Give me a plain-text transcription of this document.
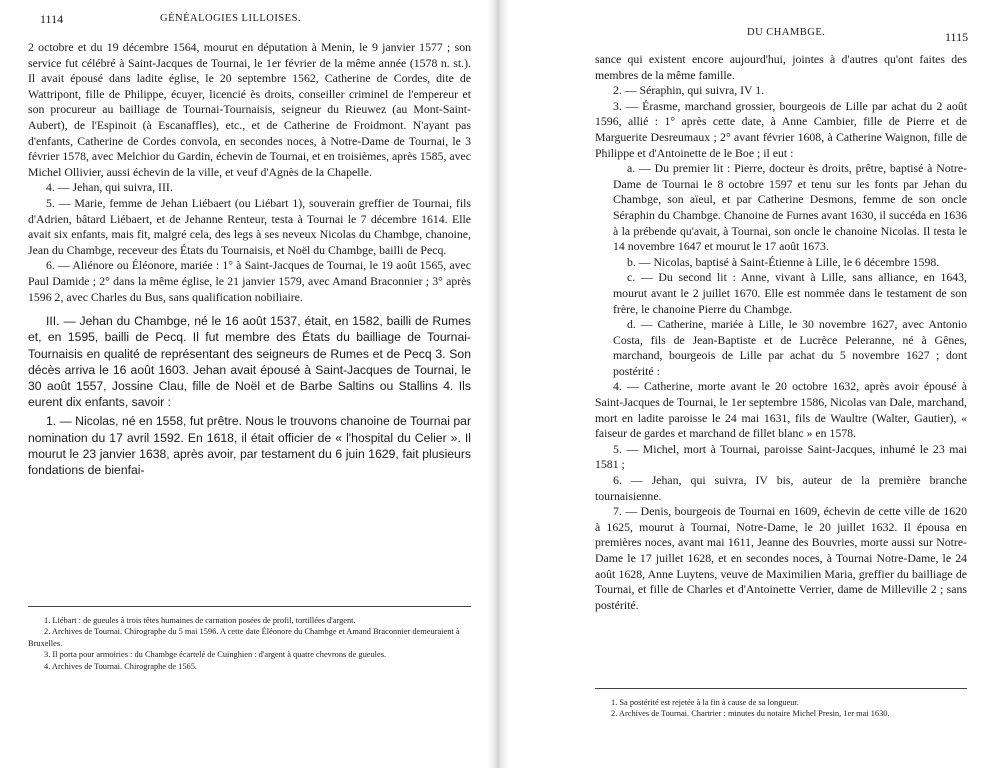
1114	GÉNÉALOGIES LILLOISES.

2 octobre et du 19 décembre 1564, mourut en députation à Menin, le 9 janvier 1577 ; son service fut célébré à Saint-Jacques de Tournai, le 1er février de la même année (1578 n. st.). Il avait épousé dans ladite église, le 20 septembre 1562, Catherine de Cordes, dite de Wattripont, fille de Philippe, écuyer, licencié ès droits, conseiller criminel de l'empereur et son procureur au bailliage de Tournai-Tournaisis, seigneur du Rieuwez (au Mont-Saint-Aubert), de l'Espinoit (à Escanaffles), etc., et de Catherine de Froidmont. N'ayant pas d'enfants, Catherine de Cordes convola, en secondes noces, à Notre-Dame de Tournai, le 3 février 1578, avec Melchior du Gardin, échevin de Tournai, et en troisièmes, après 1585, avec Michel Ollivier, aussi échevin de la ville, et veuf d'Agnès de la Chapelle.

4. — Jehan, qui suivra, III.

5. — Marie, femme de Jehan Liébaert (ou Liébart 1), souverain greffier de Tournai, fils d'Adrien, bâtard Liébaert, et de Jehanne Renteur, testa à Tournai le 7 décembre 1614. Elle avait six enfants, mais fit, malgré cela, des legs à ses neveux Nicolas du Chambge, chanoine, Jean du Chambge, receveur des États du Tournaisis, et Noël du Chambge, bailli de Pecq.

6. — Aliénore ou Éléonore, mariée : 1° à Saint-Jacques de Tournai, le 19 août 1565, avec Paul Damide ; 2° dans la même église, le 21 janvier 1579, avec Amand Braconnier ; 3° après 1596 2, avec Charles du Bus, sans qualification nobiliaire.

III. — Jehan du Chambge, né le 16 août 1537, était, en 1582, bailli de Rumes et, en 1595, bailli de Pecq. Il fut membre des États du bailliage de Tournai-Tournaisis en qualité de représentant des seigneurs de Rumes et de Pecq 3. Son décès arriva le 16 août 1603. Jehan avait épousé à Saint-Jacques de Tournai, le 30 août 1557, Jossine Clau, fille de Noël et de Barbe Saltins ou Stallins 4. Ils eurent dix enfants, savoir :

1. — Nicolas, né en 1558, fut prêtre. Nous le trouvons chanoine de Tournai par nomination du 17 avril 1592. En 1618, il était officier de « l'hospital du Celier ». Il mourut le 23 janvier 1638, après avoir, par testament du 6 juin 1629, fait plusieurs fondations de bienfai-

1. Liébart : de gueules à trois têtes humaines de carnation posées de profil, tortillées d'argent.

2. Archives de Tournai. Chirographe du 5 mai 1596. A cette date Éléonore du Chambge et Amand Braconnier demeuraient à Bruxelles.

3. Il porta pour armoiries : du Chambge écartelé de Cuinghien : d'argent à quatre chevrons de gueules.

4. Archives de Tournai. Chirographe de 1565.

DU CHAMBGE.	1115

sance qui existent encore aujourd'hui, jointes à d'autres qu'ont faites des membres de la même famille.

2. — Séraphin, qui suivra, IV 1.

3. — Érasme, marchand grossier, bourgeois de Lille par achat du 2 août 1596, allié : 1° après cette date, à Anne Cambier, fille de Pierre et de Marguerite Desreumaux ; 2° avant février 1608, à Catherine Waignon, fille de Philippe et d'Antoinette de le Boe ; il eut :

a. — Du premier lit : Pierre, docteur ès droits, prêtre, baptisé à Notre-Dame de Tournai le 8 octobre 1597 et tenu sur les fonts par Jehan du Chambge, son aïeul, et par Catherine Desmons, femme de son oncle Séraphin du Chambge. Chanoine de Furnes avant 1630, il succéda en 1636 à la prébende qu'avait, à Tournai, son oncle le chanoine Nicolas. Il testa le 14 novembre 1647 et mourut le 17 août 1673.

b. — Nicolas, baptisé à Saint-Étienne à Lille, le 6 décembre 1598.

c. — Du second lit : Anne, vivant à Lille, sans alliance, en 1643, mourut avant le 2 juillet 1670. Elle est nommée dans le testament de son frère, le chanoine Pierre du Chambge.

d. — Catherine, mariée à Lille, le 30 novembre 1627, avec Antonio Costa, fils de Jean-Baptiste et de Lucrèce Peleranne, né à Gênes, marchand, bourgeois de Lille par achat du 5 novembre 1627 ; dont postérité :

4. — Catherine, morte avant le 20 octobre 1632, après avoir épousé à Saint-Jacques de Tournai, le 1er septembre 1586, Nicolas van Dale, marchand, mort en ladite paroisse le 24 mai 1631, fils de Waultre (Walter, Gautier), « faiseur de gardes et marchand de fillet blanc » en 1578.

5. — Michel, mort à Tournai, paroisse Saint-Jacques, inhumé le 23 mai 1581 ;

6. — Jehan, qui suivra, IV bis, auteur de la première branche tournaisienne.

7. — Denis, bourgeois de Tournai en 1609, échevin de cette ville de 1620 à 1625, mourut à Tournai, Notre-Dame, le 20 juillet 1632. Il épousa en premières noces, avant mai 1611, Jeanne des Bouvries, morte aussi sur Notre-Dame le 17 juillet 1628, et en secondes noces, à Tournai Notre-Dame, le 24 août 1628, Anne Luytens, veuve de Maximilien Maria, greffier du bailliage de Tournai, et fille de Charles et d'Antoinette Verrier, dame de Milleville 2 ; sans postérité.

1. Sa postérité est rejetée à la fin à cause de sa longueur.

2. Archives de Tournai. Chartrier : minutes du notaire Michel Presin, 1er mai 1630.
